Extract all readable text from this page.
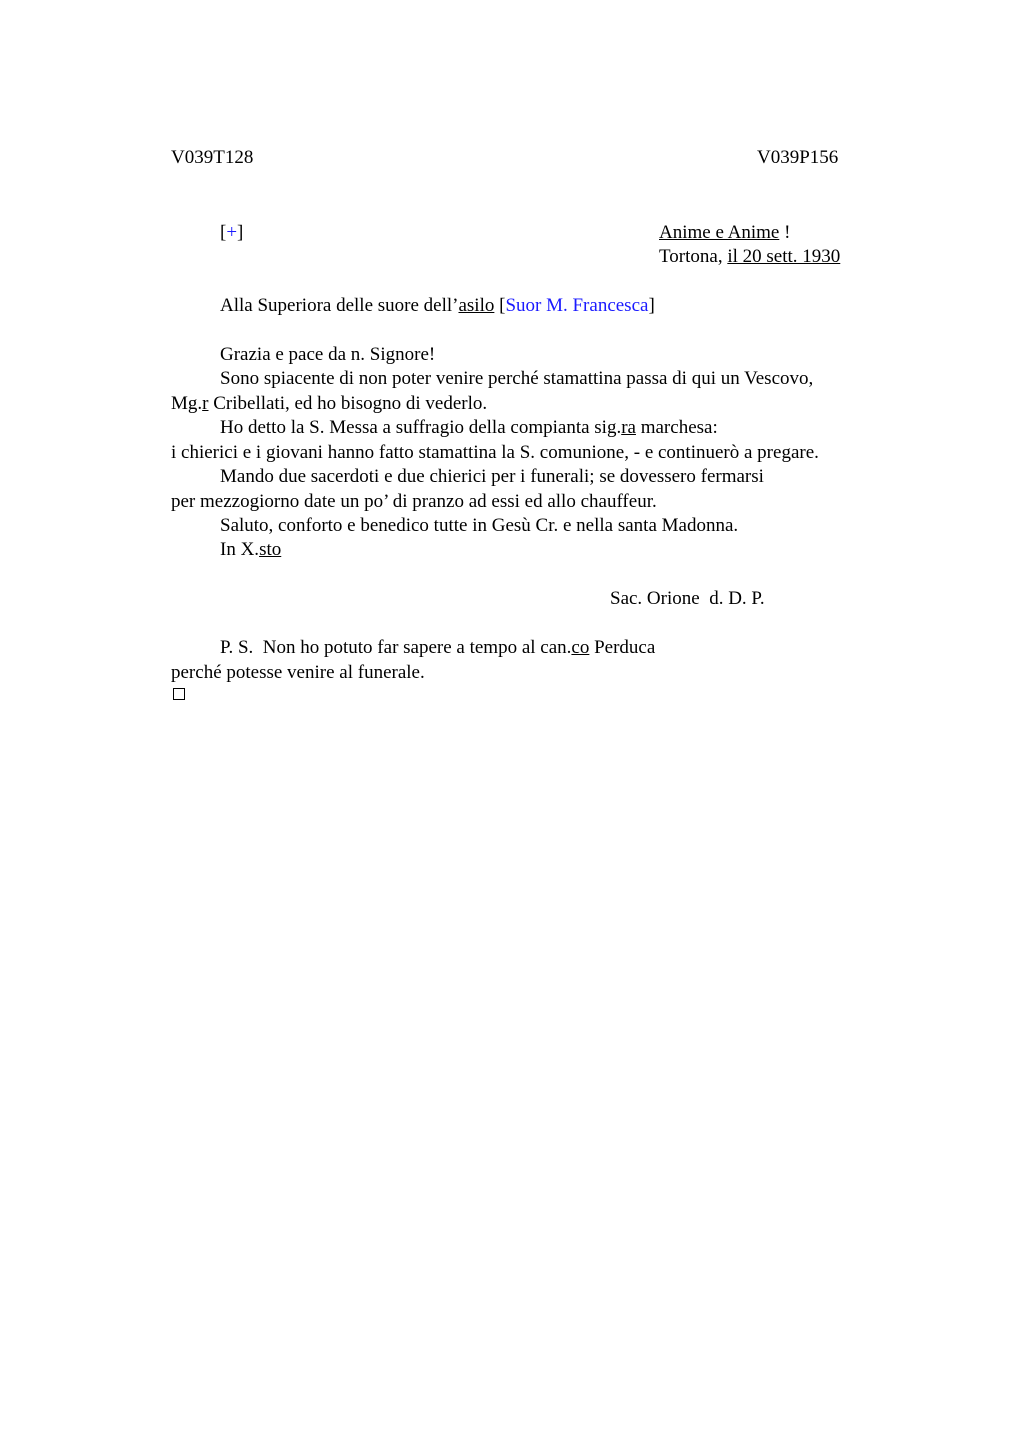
V039T128	V039P156
[+]	Anime e Anime !
Tortona, il 20 sett. 1930
Alla Superiora delle suore dell’asilo [Suor M. Francesca]
Grazia e pace da n. Signore!
Sono spiacente di non poter venire perché stamattina passa di qui un Vescovo,
Mg.r Cribellati, ed ho bisogno di vederlo.
Ho detto la S. Messa a suffragio della compianta sig.ra marchesa:
i chierici e i giovani hanno fatto stamattina la S. comunione, - e continuerò a pregare.
Mando due sacerdoti e due chierici per i funerali; se dovessero fermarsi
per mezzogiorno date un po’ di pranzo ad essi ed allo chauffeur.
Saluto, conforto e benedico tutte in Gesù Cr. e nella santa Madonna.
In X.sto
Sac. Orione  d. D. P.
P. S.  Non ho potuto far sapere a tempo al can.co Perduca
perché potesse venire al funerale.
